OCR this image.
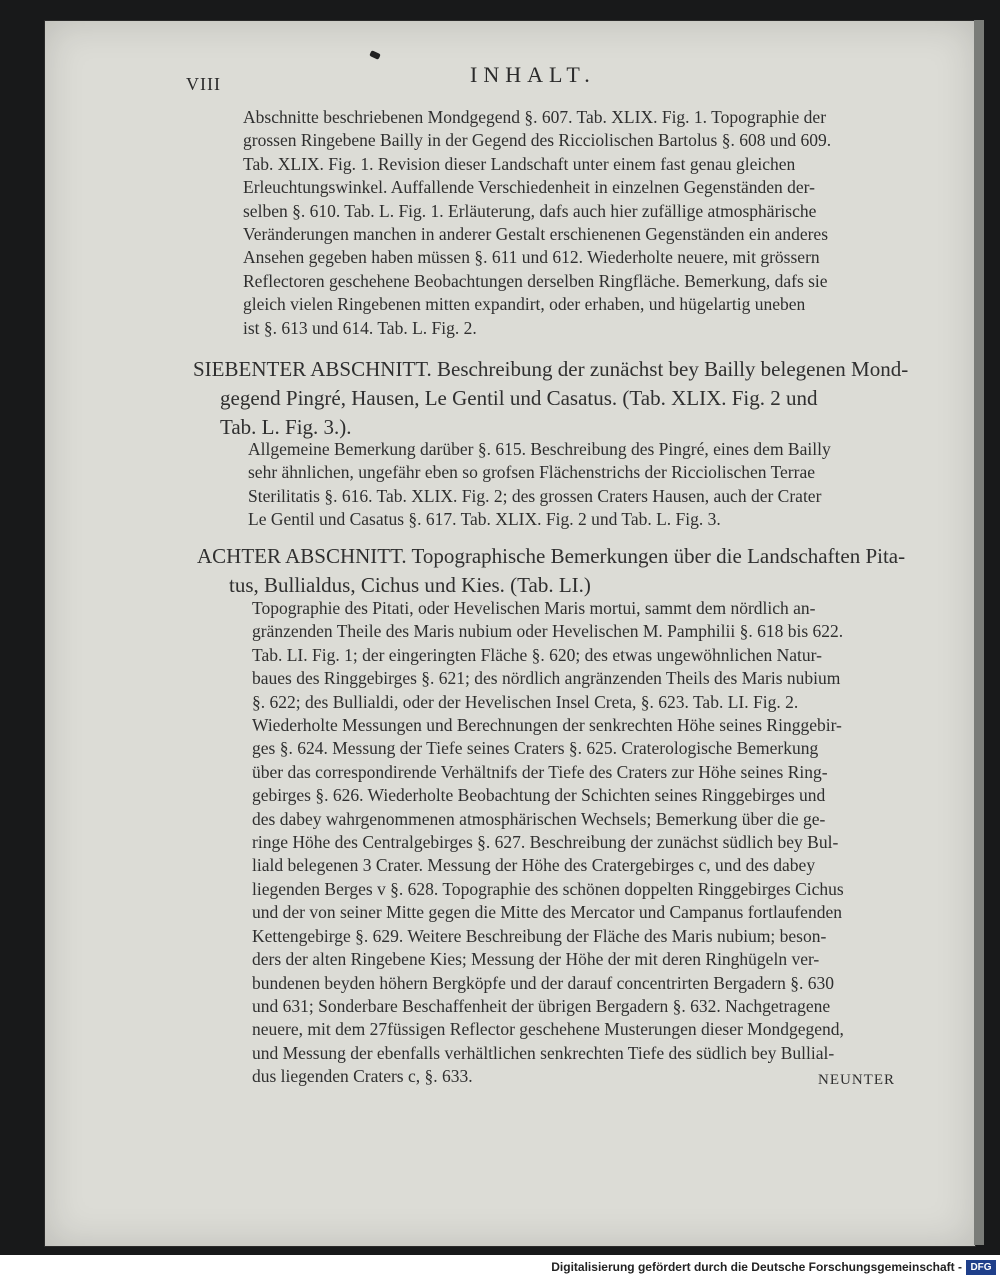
VIII	INHALT.
Abschnitte beschriebenen Mondgegend §. 607. Tab. XLIX. Fig. 1. Topographie der
grossen Ringebene Bailly in der Gegend des Ricciolischen Bartolus §. 608 und 609.
Tab. XLIX. Fig. 1. Revision dieser Landschaft unter einem fast genau gleichen
Erleuchtungswinkel. Auffallende Verschiedenheit in einzelnen Gegenständen der-
selben §. 610. Tab. L. Fig. 1. Erläuterung, dafs auch hier zufällige atmosphärische
Veränderungen manchen in anderer Gestalt erschienenen Gegenständen ein anderes
Ansehen gegeben haben müssen §. 611 und 612. Wiederholte neuere, mit grössern
Reflectoren geschehene Beobachtungen derselben Ringfläche. Bemerkung, dafs sie
gleich vielen Ringebenen mitten expandirt, oder erhaben, und hügelartig uneben
ist §. 613 und 614. Tab. L. Fig. 2.
SIEBENTER ABSCHNITT. Beschreibung der zunächst bey Bailly belegenen Mond-
gegend Pingré, Hausen, Le Gentil und Casatus. (Tab. XLIX. Fig. 2 und
Tab. L. Fig. 3.).
Allgemeine Bemerkung darüber §. 615. Beschreibung des Pingré, eines dem Bailly
sehr ähnlichen, ungefähr eben so grofsen Flächenstrichs der Ricciolischen Terrae
Sterilitatis §. 616. Tab. XLIX. Fig. 2; des grossen Craters Hausen, auch der Crater
Le Gentil und Casatus §. 617. Tab. XLIX. Fig. 2 und Tab. L. Fig. 3.
ACHTER ABSCHNITT. Topographische Bemerkungen über die Landschaften Pita-
tus, Bullialdus, Cichus und Kies. (Tab. LI.)
Topographie des Pitati, oder Hevelischen Maris mortui, sammt dem nördlich an-
gränzenden Theile des Maris nubium oder Hevelischen M. Pamphilii §. 618 bis 622.
Tab. LI. Fig. 1; der eingeringten Fläche §. 620; des etwas ungewöhnlichen Natur-
baues des Ringgebirges §. 621; des nördlich angränzenden Theils des Maris nubium
§. 622; des Bullialdi, oder der Hevelischen Insel Creta, §. 623. Tab. LI. Fig. 2.
Wiederholte Messungen und Berechnungen der senkrechten Höhe seines Ringgebir-
ges §. 624. Messung der Tiefe seines Craters §. 625. Craterologische Bemerkung
über das correspondirende Verhältnifs der Tiefe des Craters zur Höhe seines Ring-
gebirges §. 626. Wiederholte Beobachtung der Schichten seines Ringgebirges und
des dabey wahrgenommenen atmosphärischen Wechsels; Bemerkung über die ge-
ringe Höhe des Centralgebirges §. 627. Beschreibung der zunächst südlich bey Bul-
liald belegenen 3 Crater. Messung der Höhe des Cratergebirges c, und des dabey
liegenden Berges v §. 628. Topographie des schönen doppelten Ringgebirges Cichus
und der von seiner Mitte gegen die Mitte des Mercator und Campanus fortlaufenden
Kettengebirge §. 629. Weitere Beschreibung der Fläche des Maris nubium; beson-
ders der alten Ringebene Kies; Messung der Höhe der mit deren Ringhügeln ver-
bundenen beyden höhern Bergköpfe und der darauf concentrirten Bergadern §. 630
und 631; Sonderbare Beschaffenheit der übrigen Bergadern §. 632. Nachgetragene
neuere, mit dem 27füssigen Reflector geschehene Musterungen dieser Mondgegend,
und Messung der ebenfalls verhältlichen senkrechten Tiefe des südlich bey Bullial-
dus liegenden Craters c, §. 633.	NEUNTER
Digitalisierung gefördert durch die Deutsche Forschungsgemeinschaft - DFG
